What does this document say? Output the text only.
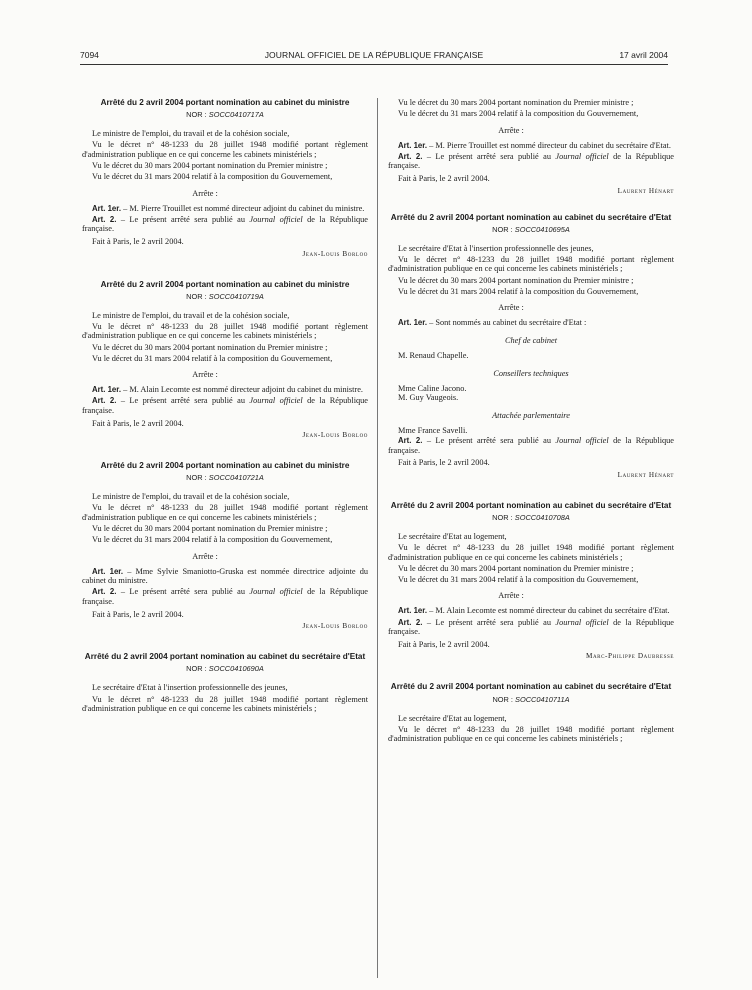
7094	JOURNAL OFFICIEL DE LA RÉPUBLIQUE FRANÇAISE	17 avril 2004
Arrêté du 2 avril 2004 portant nomination au cabinet du ministre
NOR : SOCC0410717A

Le ministre de l'emploi, du travail et de la cohésion sociale,

Vu le décret n° 48-1233 du 28 juillet 1948 modifié portant règlement d'administration publique en ce qui concerne les cabinets ministériels ;

Vu le décret du 30 mars 2004 portant nomination du Premier ministre ;

Vu le décret du 31 mars 2004 relatif à la composition du Gouvernement,

Arrête :

Art. 1er. – M. Pierre Trouillet est nommé directeur adjoint du cabinet du ministre.

Art. 2. – Le présent arrêté sera publié au Journal officiel de la République française.

Fait à Paris, le 2 avril 2004.

Jean-Louis Borloo
Arrêté du 2 avril 2004 portant nomination au cabinet du ministre
NOR : SOCC0410719A

Le ministre de l'emploi, du travail et de la cohésion sociale,

Vu le décret n° 48-1233 du 28 juillet 1948 modifié portant règlement d'administration publique en ce qui concerne les cabinets ministériels ;

Vu le décret du 30 mars 2004 portant nomination du Premier ministre ;

Vu le décret du 31 mars 2004 relatif à la composition du Gouvernement,

Arrête :

Art. 1er. – M. Alain Lecomte est nommé directeur adjoint du cabinet du ministre.

Art. 2. – Le présent arrêté sera publié au Journal officiel de la République française.

Fait à Paris, le 2 avril 2004.

Jean-Louis Borloo
Arrêté du 2 avril 2004 portant nomination au cabinet du ministre
NOR : SOCC0410721A

Le ministre de l'emploi, du travail et de la cohésion sociale,

Vu le décret n° 48-1233 du 28 juillet 1948 modifié portant règlement d'administration publique en ce qui concerne les cabinets ministériels ;

Vu le décret du 30 mars 2004 portant nomination du Premier ministre ;

Vu le décret du 31 mars 2004 relatif à la composition du Gouvernement,

Arrête :

Art. 1er. – Mme Sylvie Smaniotto-Gruska est nommée directrice adjointe du cabinet du ministre.

Art. 2. – Le présent arrêté sera publié au Journal officiel de la République française.

Fait à Paris, le 2 avril 2004.

Jean-Louis Borloo
Arrêté du 2 avril 2004 portant nomination au cabinet du secrétaire d'Etat
NOR : SOCC0410690A

Le secrétaire d'Etat à l'insertion professionnelle des jeunes,

Vu le décret n° 48-1233 du 28 juillet 1948 modifié portant règlement d'administration publique en ce qui concerne les cabinets ministériels ;

Vu le décret du 30 mars 2004 portant nomination du Premier ministre ;

Vu le décret du 31 mars 2004 relatif à la composition du Gouvernement,

Arrête :

Art. 1er. – M. Pierre Trouillet est nommé directeur du cabinet du secrétaire d'Etat.

Art. 2. – Le présent arrêté sera publié au Journal officiel de la République française.

Fait à Paris, le 2 avril 2004.

Laurent Hénart
Arrêté du 2 avril 2004 portant nomination au cabinet du secrétaire d'Etat
NOR : SOCC0410695A

Le secrétaire d'Etat à l'insertion professionnelle des jeunes,

Vu le décret n° 48-1233 du 28 juillet 1948 modifié portant règlement d'administration publique en ce qui concerne les cabinets ministériels ;

Vu le décret du 30 mars 2004 portant nomination du Premier ministre ;

Vu le décret du 31 mars 2004 relatif à la composition du Gouvernement,

Arrête :

Art. 1er. – Sont nommés au cabinet du secrétaire d'Etat :

Chef de cabinet
M. Renaud Chapelle.
Conseillers techniques
Mme Caline Jacono.
M. Guy Vaugeois.
Attachée parlementaire
Mme France Savelli.

Art. 2. – Le présent arrêté sera publié au Journal officiel de la République française.

Fait à Paris, le 2 avril 2004.

Laurent Hénart
Arrêté du 2 avril 2004 portant nomination au cabinet du secrétaire d'Etat
NOR : SOCC0410708A

Le secrétaire d'Etat au logement,

Vu le décret n° 48-1233 du 28 juillet 1948 modifié portant règlement d'administration publique en ce qui concerne les cabinets ministériels ;

Vu le décret du 30 mars 2004 portant nomination du Premier ministre ;

Vu le décret du 31 mars 2004 relatif à la composition du Gouvernement,

Arrête :

Art. 1er. – M. Alain Lecomte est nommé directeur du cabinet du secrétaire d'Etat.

Art. 2. – Le présent arrêté sera publié au Journal officiel de la République française.

Fait à Paris, le 2 avril 2004.

Marc-Philippe Daubresse
Arrêté du 2 avril 2004 portant nomination au cabinet du secrétaire d'Etat
NOR : SOCC0410711A

Le secrétaire d'Etat au logement,

Vu le décret n° 48-1233 du 28 juillet 1948 modifié portant règlement d'administration publique en ce qui concerne les cabinets ministériels ;
